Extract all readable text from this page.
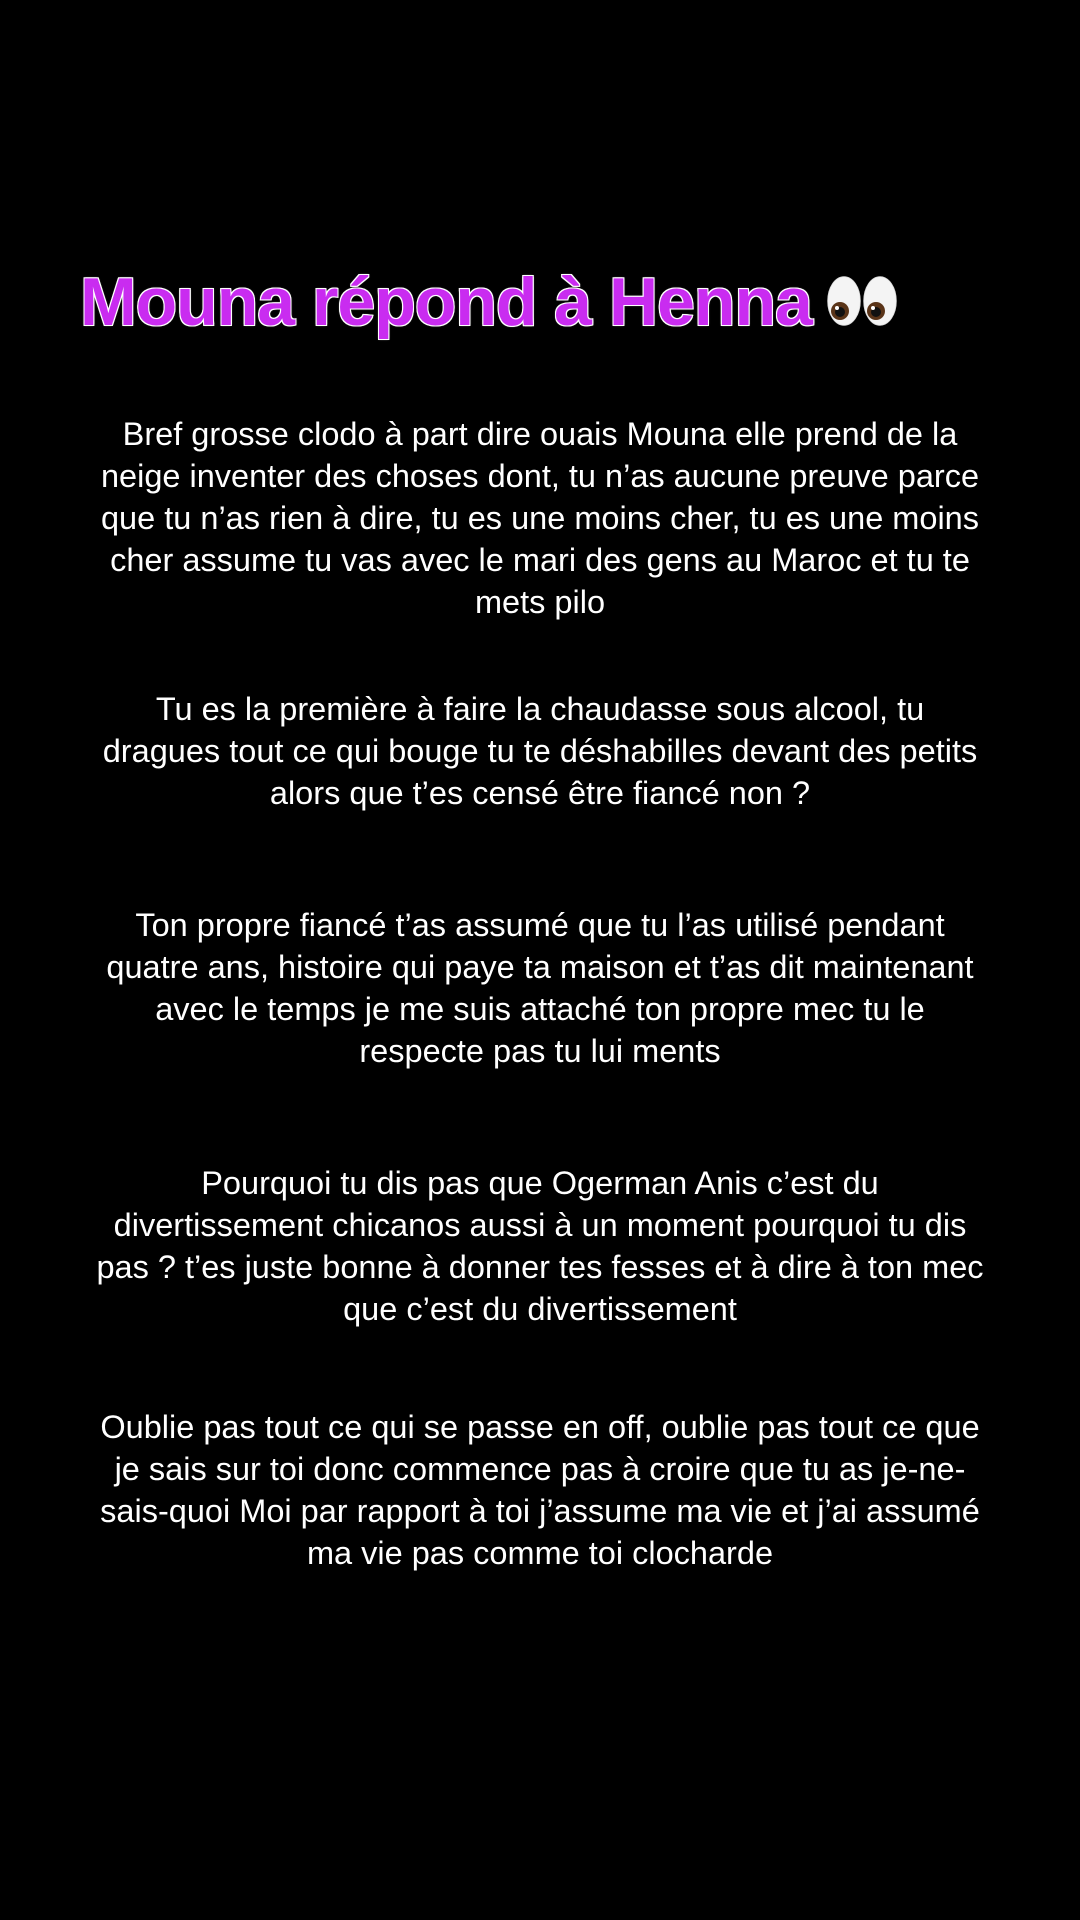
Mouna répond à Henna

Bref grosse clodo à part dire ouais Mouna elle prend de la neige inventer des choses dont, tu n’as aucune preuve parce que tu n’as rien à dire, tu es une moins cher, tu es une moins cher assume tu vas avec le mari des gens au Maroc et tu te mets pilo

Tu es la première à faire la chaudasse sous alcool, tu dragues tout ce qui bouge tu te déshabilles devant des petits alors que t’es censé être fiancé non ?

Ton propre fiancé t’as assumé que tu l’as utilisé pendant quatre ans, histoire qui paye ta maison et t’as dit maintenant avec le temps je me suis attaché ton propre mec tu le respecte pas tu lui ments

Pourquoi tu dis pas que Ogerman Anis c’est du divertissement chicanos aussi à un moment pourquoi tu dis pas ? t’es juste bonne à donner tes fesses et à dire à ton mec que c’est du divertissement

Oublie pas tout ce qui se passe en off, oublie pas tout ce que je sais sur toi donc commence pas à croire que tu as je-ne-sais-quoi Moi par rapport à toi j’assume ma vie et j’ai assumé ma vie pas comme toi clocharde
